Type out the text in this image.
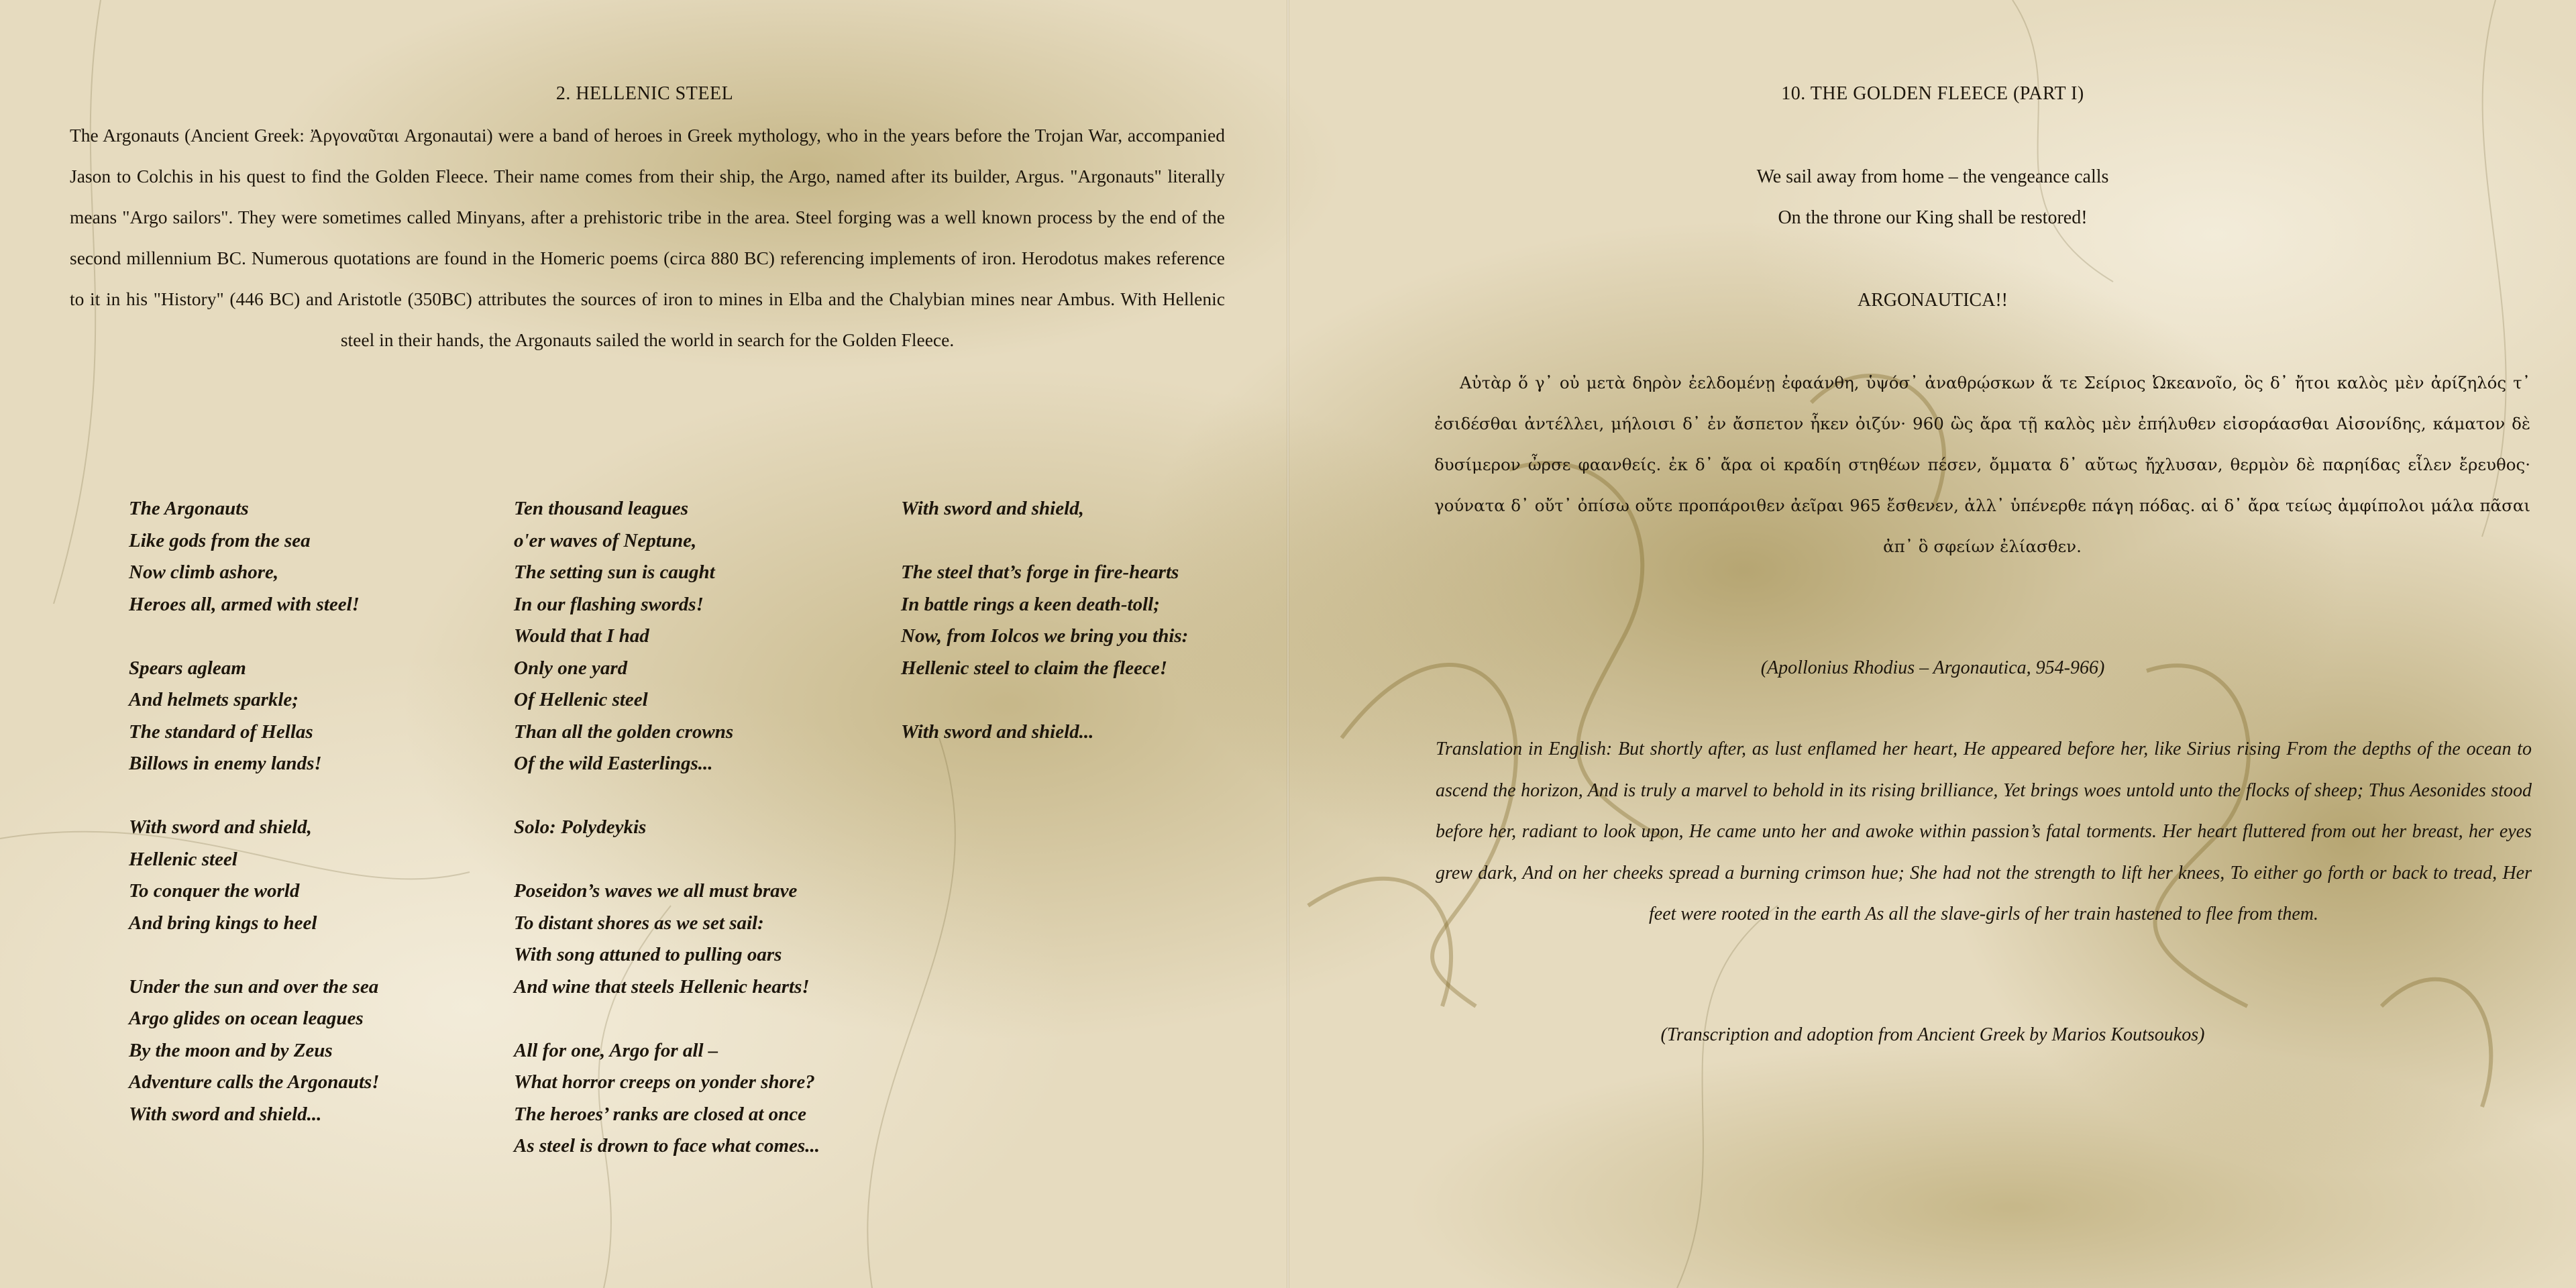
2. HELLENIC STEEL

The Argonauts (Ancient Greek: Ἀργοναῦται Argonautai) were a band of heroes in Greek mythology, who in the years before the Trojan War, accompanied Jason to Colchis in his quest to find the Golden Fleece. Their name comes from their ship, the Argo, named after its builder, Argus. "Argonauts" literally means "Argo sailors". They were sometimes called Minyans, after a prehistoric tribe in the area. Steel forging was a well known process by the end of the second millennium BC. Numerous quotations are found in the Homeric poems (circa 880 BC) referencing implements of iron. Herodotus makes reference to it in his "History" (446 BC) and Aristotle (350BC) attributes the sources of iron to mines in Elba and the Chalybian mines near Ambus. With Hellenic steel in their hands, the Argonauts sailed the world in search for the Golden Fleece.

The Argonauts
Like gods from the sea
Now climb ashore,
Heroes all, armed with steel!
Spears agleam
And helmets sparkle;
The standard of Hellas
Billows in enemy lands!
With sword and shield,
Hellenic steel
To conquer the world
And bring kings to heel
Under the sun and over the sea
Argo glides on ocean leagues
By the moon and by Zeus
Adventure calls the Argonauts!
With sword and shield...
Ten thousand leagues
o'er waves of Neptune,
The setting sun is caught
In our flashing swords!
Would that I had
Only one yard
Of Hellenic steel
Than all the golden crowns
Of the wild Easterlings...
Solo: Polydeykis
Poseidon’s waves we all must brave
To distant shores as we set sail:
With song attuned to pulling oars
And wine that steels Hellenic hearts!
All for one, Argo for all –
What horror creeps on yonder shore?
The heroes’ ranks are closed at once
As steel is drown to face what comes...
With sword and shield,
The steel that’s forge in fire-hearts
In battle rings a keen death-toll;
Now, from Iolcos we bring you this:
Hellenic steel to claim the fleece!
With sword and shield...
10. THE GOLDEN FLEECE (PART I)

We sail away from home – the vengeance calls

On the throne our King shall be restored!

ARGONAUTICA!!

Αὐτὰρ ὅ γ᾽ οὐ μετὰ δηρὸν ἐελδομένῃ ἐφαάνθη, ὑψόσ᾽ ἀναθρῴσκων ἅ τε Σείριος Ὠκεανοῖο, ὃς δ᾽ ἤτοι καλὸς μὲν ἀρίζηλός τ᾽ ἐσιδέσθαι ἀντέλλει, μήλοισι δ᾽ ἐν ἄσπετον ἧκεν ὀιζύν· 960 ὣς ἄρα τῇ καλὸς μὲν ἐπήλυθεν εἰσοράασθαι Αἰσονίδης, κάματον δὲ δυσίμερον ὦρσε φαανθείς. ἐκ δ᾽ ἄρα οἱ κραδίη στηθέων πέσεν, ὄμματα δ᾽ αὔτως ἤχλυσαν, θερμὸν δὲ παρηίδας εἷλεν ἔρευθος· γούνατα δ᾽ οὔτ᾽ ὀπίσω οὔτε προπάροιθεν ἀεῖραι 965 ἔσθενεν, ἀλλ᾽ ὑπένερθε πάγη πόδας. αἱ δ᾽ ἄρα τείως ἀμφίπολοι μάλα πᾶσαι ἀπ᾽ ὃ σφείων ἐλίασθεν.

(Apollonius Rhodius – Argonautica, 954-966)

Translation in English: But shortly after, as lust enflamed her heart, He appeared before her, like Sirius rising From the depths of the ocean to ascend the horizon, And is truly a marvel to behold in its rising brilliance, Yet brings woes untold unto the flocks of sheep; Thus Aesonides stood before her, radiant to look upon, He came unto her and awoke within passion’s fatal torments. Her heart fluttered from out her breast, her eyes grew dark, And on her cheeks spread a burning crimson hue; She had not the strength to lift her knees, To either go forth or back to tread, Her feet were rooted in the earth As all the slave-girls of her train hastened to flee from them.

(Transcription and adoption from Ancient Greek by Marios Koutsoukos)
